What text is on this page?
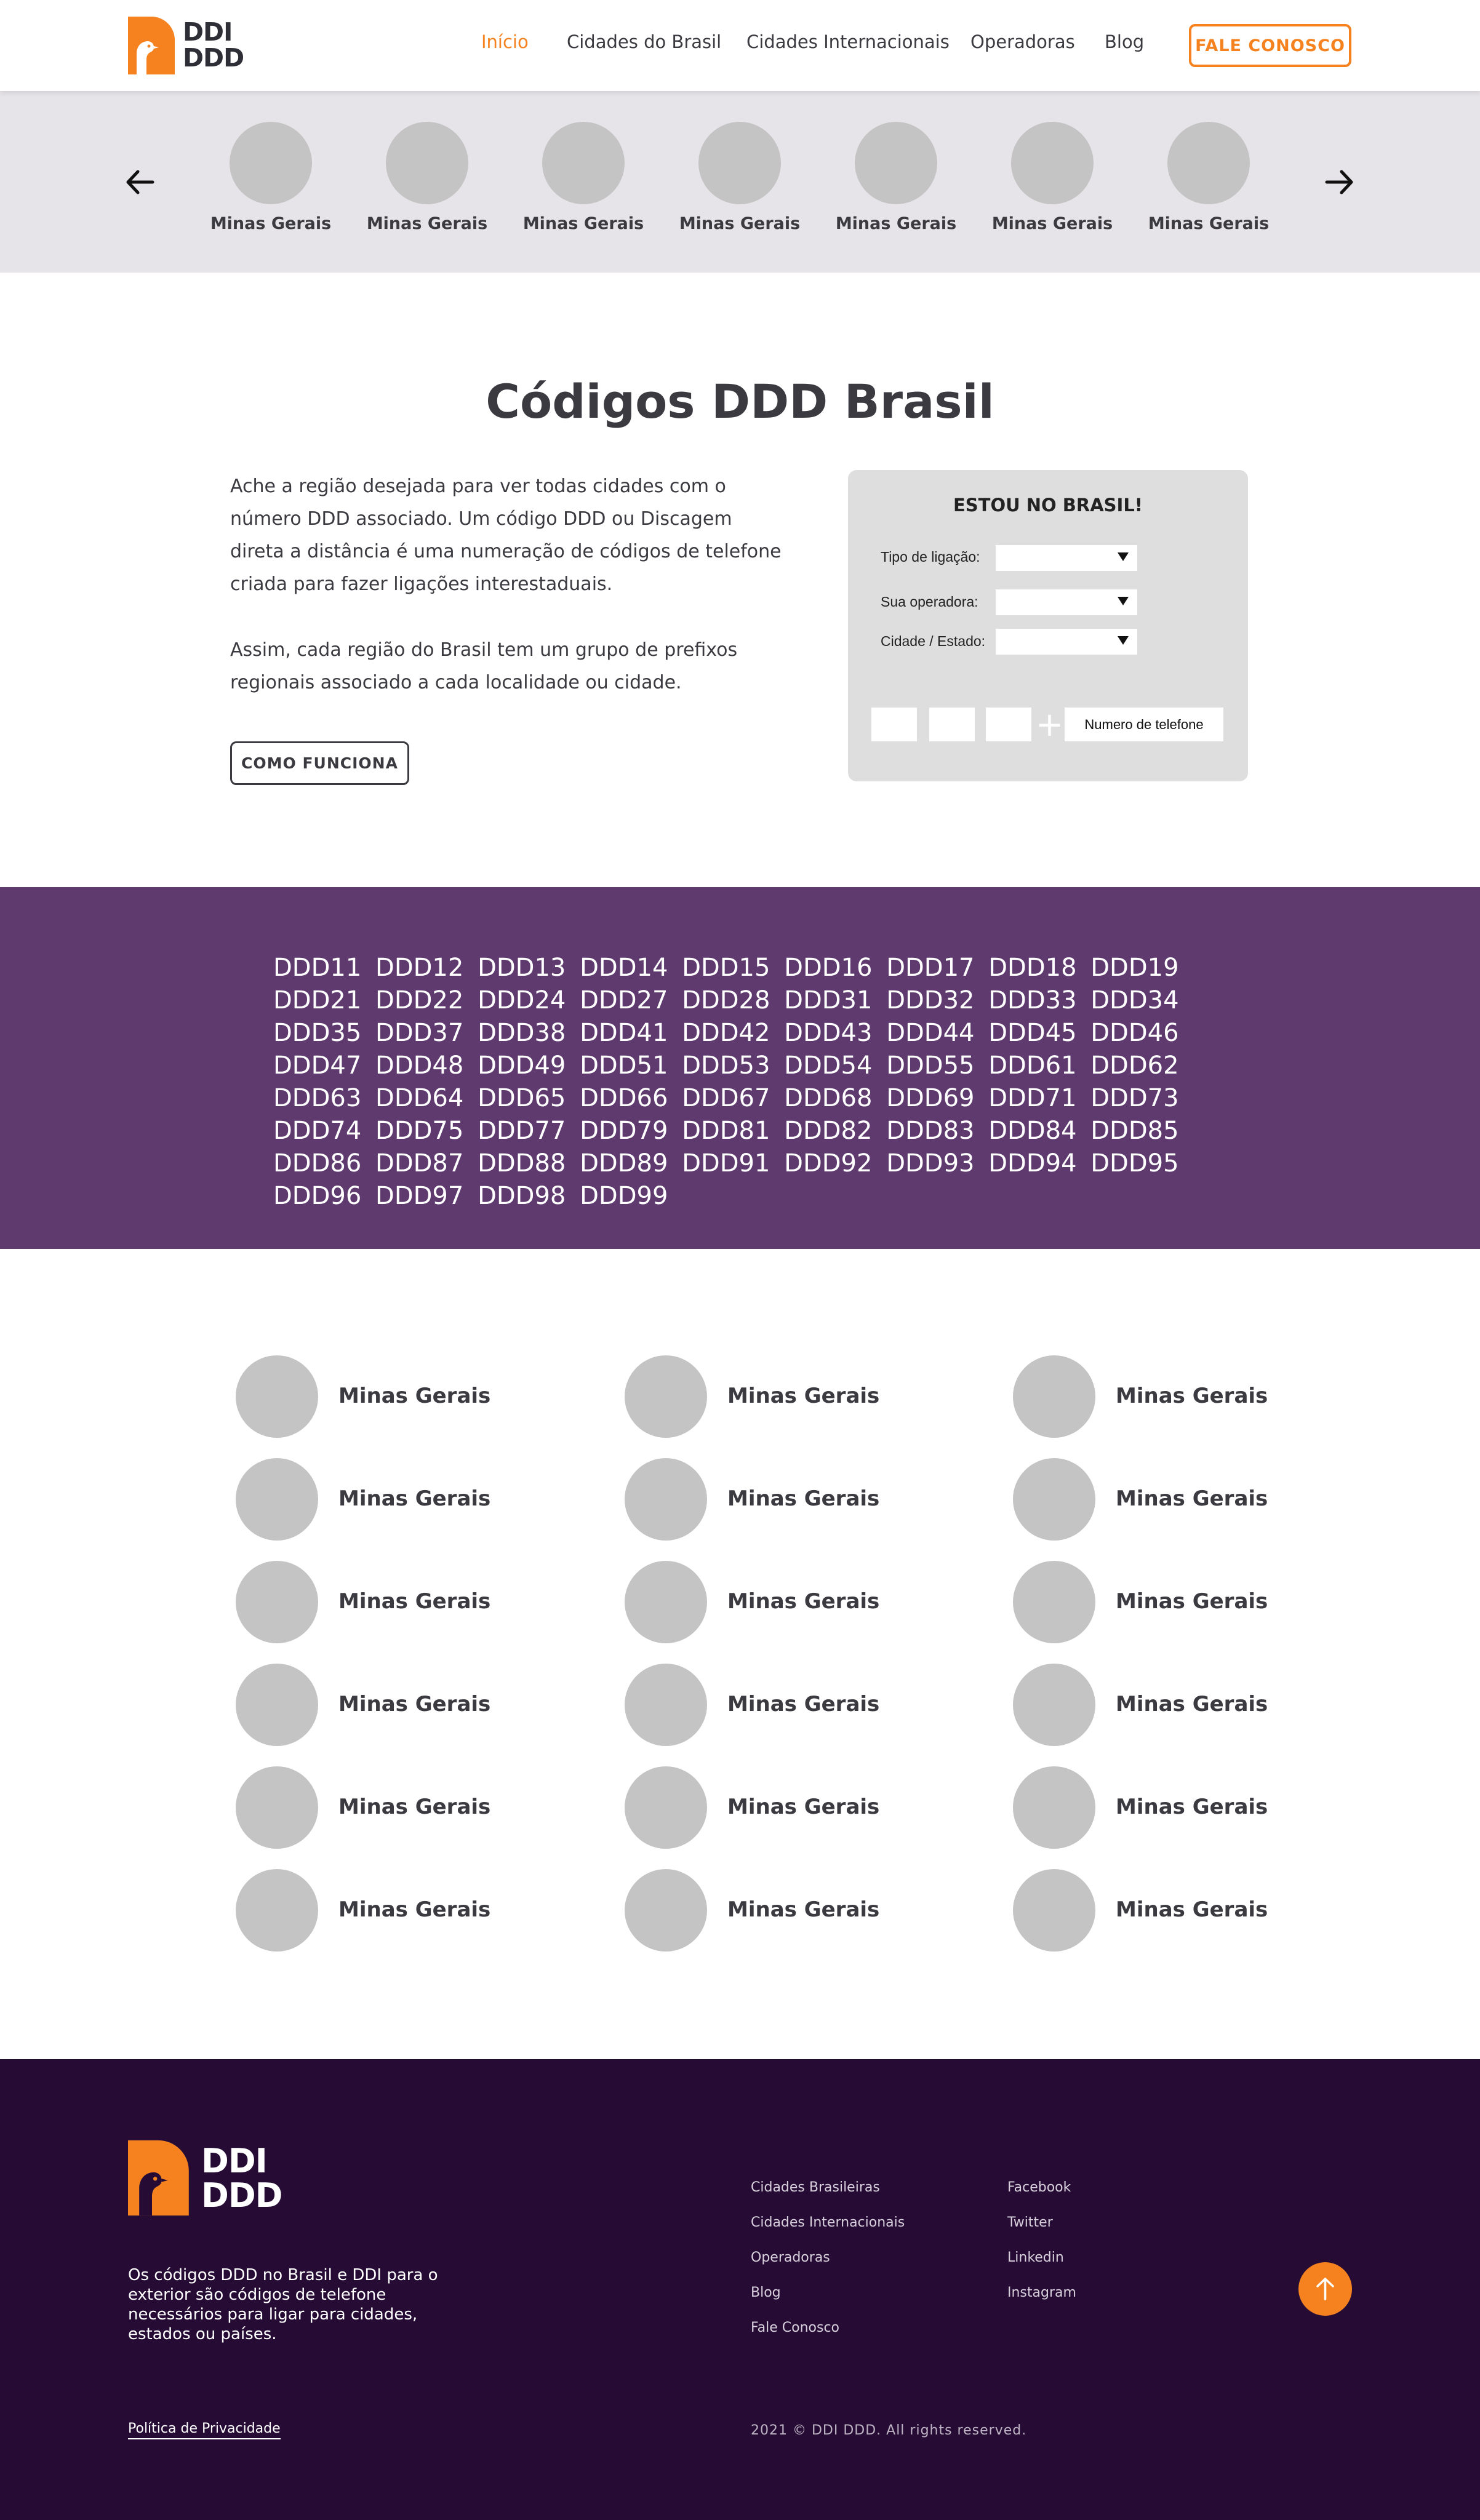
DDI
DDD
Início Cidades do Brasil Cidades Internacionais Operadoras Blog	FALE CONOSCO
Minas Gerais Minas Gerais Minas Gerais Minas Gerais Minas Gerais Minas Gerais Minas Gerais
Códigos DDD Brasil

Ache a região desejada para ver todas cidades com o número DDD associado. Um código DDD ou Discagem direta a distância é uma numeração de códigos de telefone criada para fazer ligações interestaduais.

Assim, cada região do Brasil tem um grupo de prefixos regionais associado a cada localidade ou cidade.

COMO FUNCIONA
ESTOU NO BRASIL!
Tipo de ligação:
Sua operadora:
Cidade / Estado:
+	Numero de telefone
DDD11 DDD12 DDD13 DDD14 DDD15 DDD16 DDD17 DDD18 DDD19 DDD21 DDD22 DDD24 DDD27 DDD28 DDD31 DDD32 DDD33 DDD34 DDD35 DDD37 DDD38 DDD41 DDD42 DDD43 DDD44 DDD45 DDD46 DDD47 DDD48 DDD49 DDD51 DDD53 DDD54 DDD55 DDD61 DDD62 DDD63 DDD64 DDD65 DDD66 DDD67 DDD68 DDD69 DDD71 DDD73 DDD74 DDD75 DDD77 DDD79 DDD81 DDD82 DDD83 DDD84 DDD85 DDD86 DDD87 DDD88 DDD89 DDD91 DDD92 DDD93 DDD94 DDD95 DDD96 DDD97 DDD98 DDD99
Minas Gerais
Minas Gerais
Minas Gerais
Minas Gerais
Minas Gerais
Minas Gerais
Minas Gerais
Minas Gerais
Minas Gerais
Minas Gerais
Minas Gerais
Minas Gerais
Minas Gerais
Minas Gerais
Minas Gerais
Minas Gerais
Minas Gerais
Minas Gerais
DDI
DDD

Os códigos DDD no Brasil e DDI para o exterior são códigos de telefone necessários para ligar para cidades, estados ou países.

Cidades Brasileiras
Cidades Internacionais
Operadoras
Blog
Fale Conosco
Facebook
Twitter
Linkedin
Instagram
Política de Privacidade	2021 © DDI DDD. All rights reserved.
